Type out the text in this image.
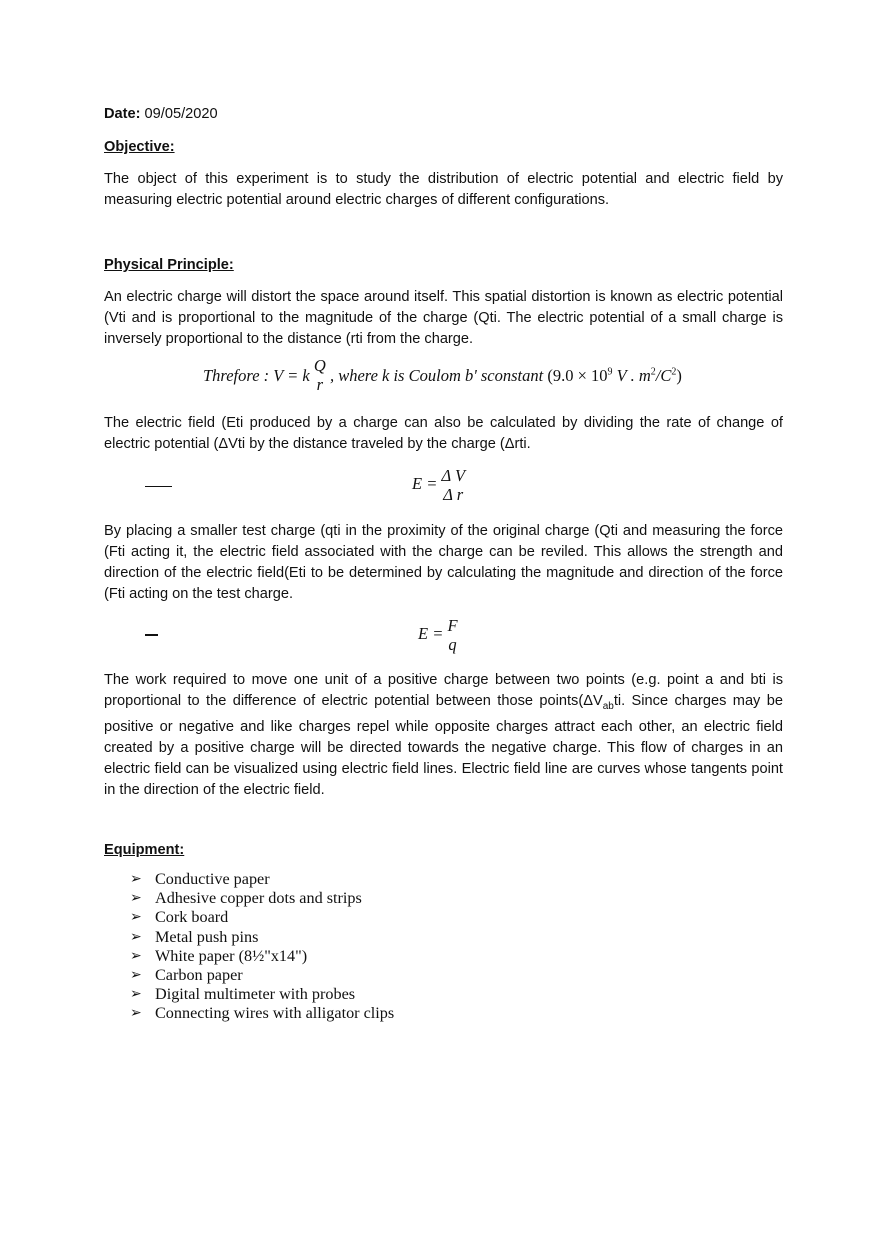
Date: 09/05/2020
Objective:
The object of this experiment is to study the distribution of electric potential and electric field by measuring electric potential around electric charges of different configurations.
Physical Principle:
An electric charge will distort the space around itself. This spatial distortion is known as electric potential (Vti and is proportional to the magnitude of the charge (Qti. The electric potential of a small charge is inversely proportional to the distance (rti from the charge.
Threfore : V = k
Q
r , where k is Coulom b' sconstant ($9.0 \times 10^9$ V . $m^2/C^2$)
The electric field (Eti produced by a charge can also be calculated by dividing the rate of change of electric potential (ΔVti by the distance traveled by the charge (Δrti.
E = Δ V
Δ r
By placing a smaller test charge (qti in the proximity of the original charge (Qti and measuring the force (Fti acting it, the electric field associated with the charge can be reviled. This allows the strength and direction of the electric field(Eti to be determined by calculating the magnitude and direction of the force (Fti acting on the test charge.
E = F
q
The work required to move one unit of a positive charge between two points (e.g. point a and bti is proportional to the difference of electric potential between those $points(\Delta V_{ab}ti$. Since charges may be positive or negative and like charges repel while opposite charges attract each other, an electric field created by a positive charge will be directed towards the negative charge. This flow of charges in an electric field can be visualized using electric field lines. Electric field line are curves whose tangents point in the direction of the electric field.
Equipment:
➢ Conductive paper
➢ Adhesive copper dots and strips
➢ Cork board
➢ Metal push pins
➢ White paper (8½"x14")
➢ Carbon paper
➢ Digital multimeter with probes
➢ Connecting wires with alligator clips
